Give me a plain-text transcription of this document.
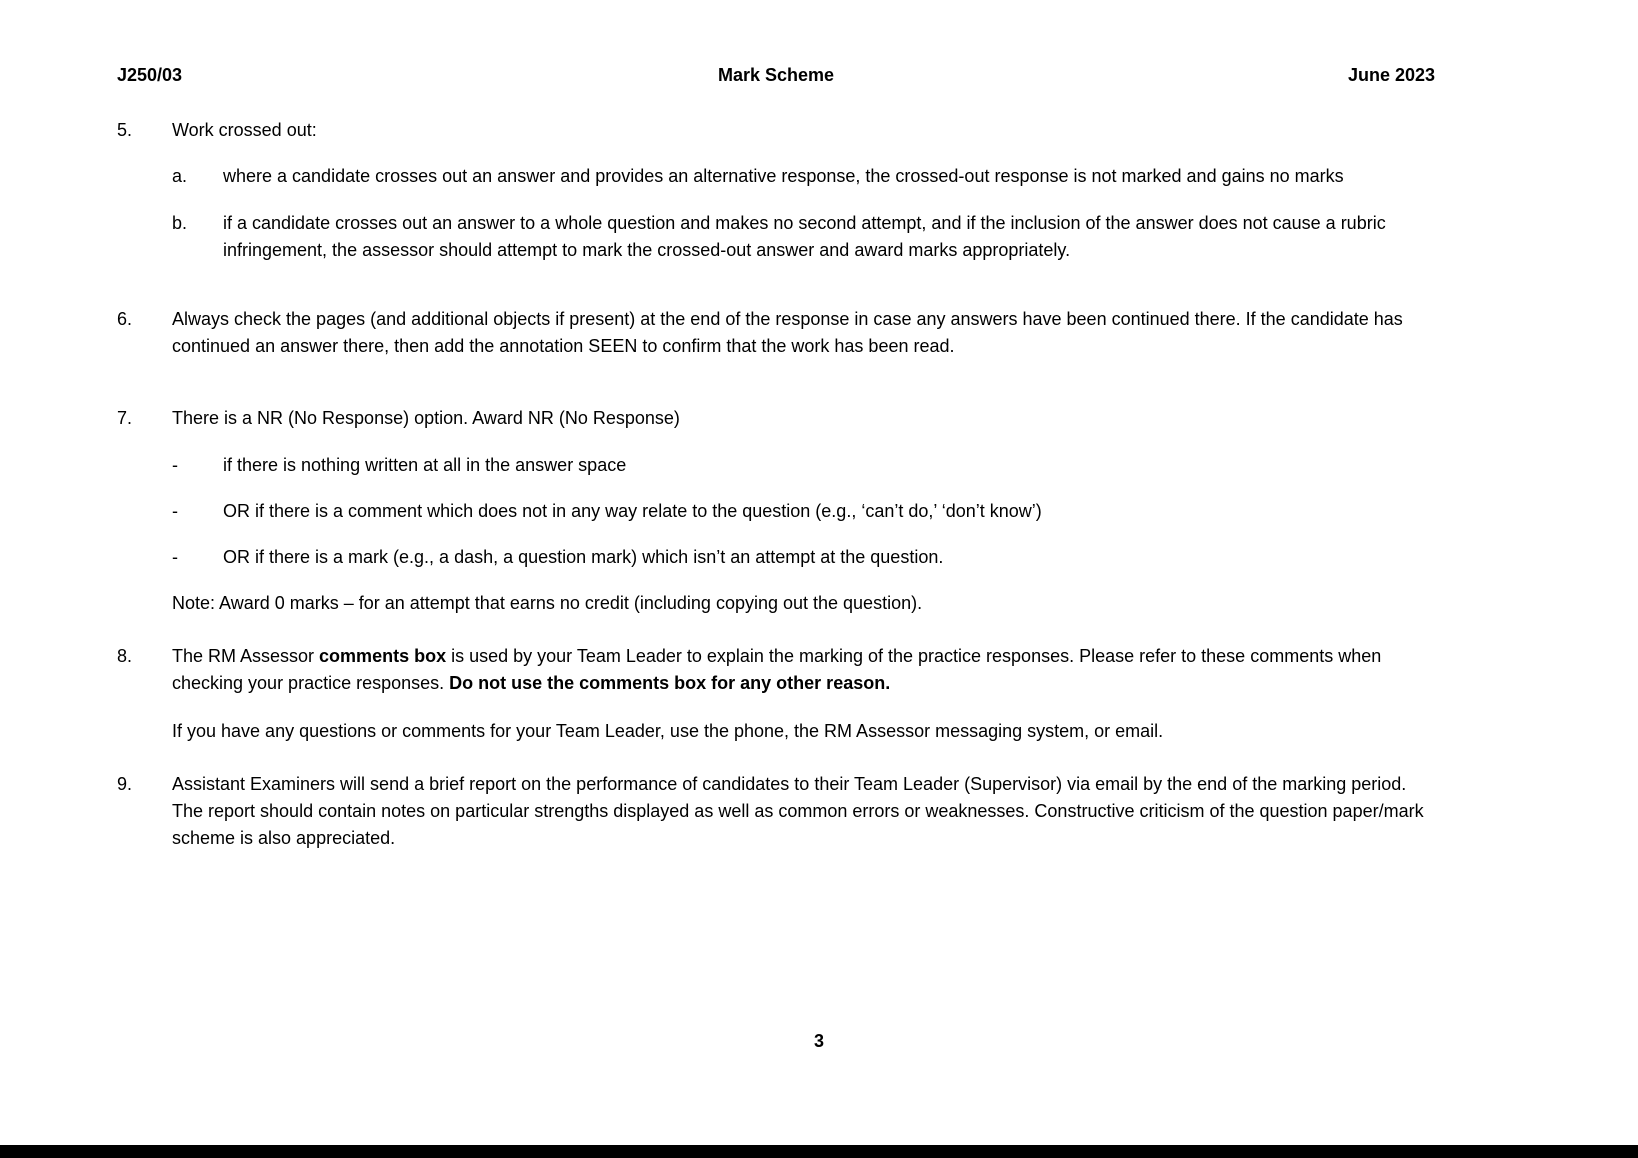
J250/03	Mark Scheme	June 2023
5.	Work crossed out:
a.	where a candidate crosses out an answer and provides an alternative response, the crossed-out response is not marked and gains no marks
b.	if a candidate crosses out an answer to a whole question and makes no second attempt, and if the inclusion of the answer does not cause a rubric infringement, the assessor should attempt to mark the crossed-out answer and award marks appropriately.
6.	Always check the pages (and additional objects if present) at the end of the response in case any answers have been continued there. If the candidate has continued an answer there, then add the annotation SEEN to confirm that the work has been read.
7.	There is a NR (No Response) option. Award NR (No Response)
-	if there is nothing written at all in the answer space
-	OR if there is a comment which does not in any way relate to the question (e.g., ‘can’t do,’ ‘don’t know’)
-	OR if there is a mark (e.g., a dash, a question mark) which isn’t an attempt at the question.
Note: Award 0 marks – for an attempt that earns no credit (including copying out the question).
8.	The RM Assessor comments box is used by your Team Leader to explain the marking of the practice responses. Please refer to these comments when checking your practice responses. Do not use the comments box for any other reason.
If you have any questions or comments for your Team Leader, use the phone, the RM Assessor messaging system, or email.
9.	Assistant Examiners will send a brief report on the performance of candidates to their Team Leader (Supervisor) via email by the end of the marking period. The report should contain notes on particular strengths displayed as well as common errors or weaknesses. Constructive criticism of the question paper/mark scheme is also appreciated.
3
